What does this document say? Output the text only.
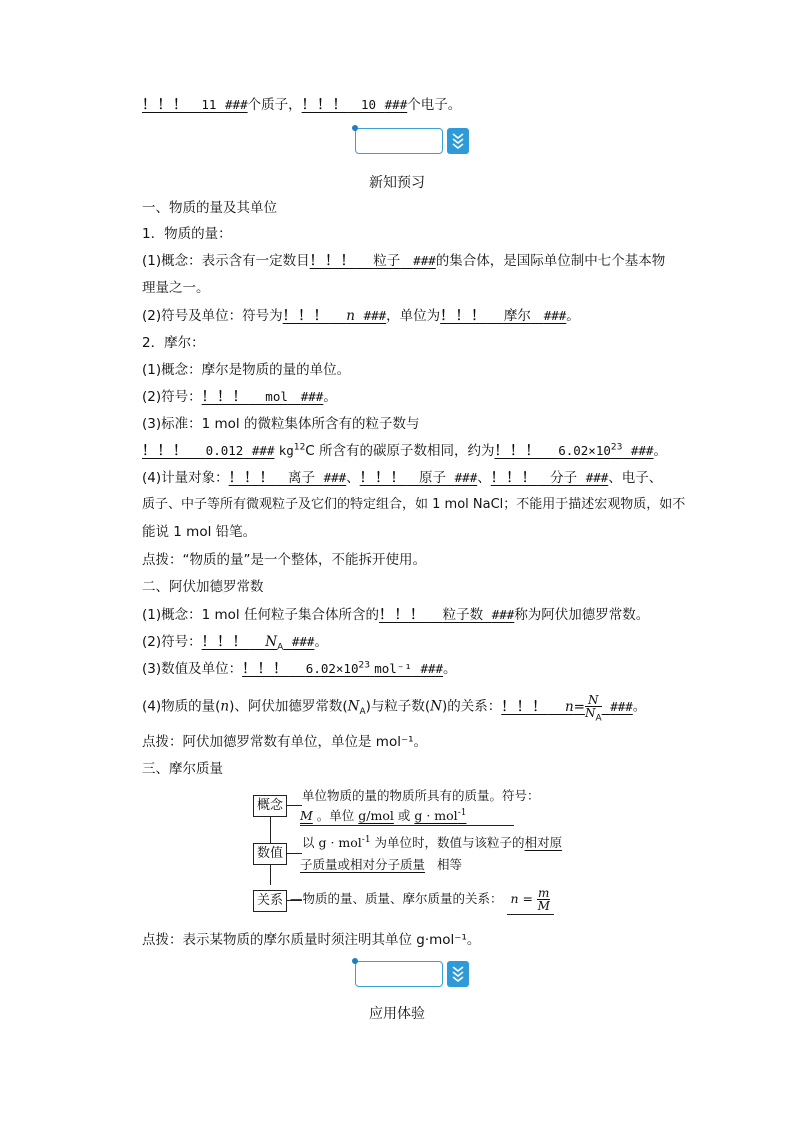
！！！ 11 ###个质子，！！！ 10 ###个电子。
新知预习
一、物质的量及其单位
1．物质的量：
(1)概念：表示含有一定数目！！！ 粒子 ###的集合体，是国际单位制中七个基本物
理量之一。
(2)符号及单位：符号为！！！ n ###，单位为！！！ 摩尔 ###。
2．摩尔：
(1)概念：摩尔是物质的量的单位。
(2)符号：！！！ mol ###。
(3)标准：1 mol 的微粒集体所含有的粒子数与
！！！ 0.012 ### $kg^{12}C$ 所含有的碳原子数相同，约为！！！ $6.02\times 10^{23}$ ###。
(4)计量对象：！！！ 离子 ###、！！！ 原子 ###、！！！ 分子 ###、电子、
质子、中子等所有微观粒子及它们的特定组合，如 1 mol NaCl；不能用于描述宏观物质，如不
能说 1 mol 铅笔。
点拨：“物质的量”是一个整体，不能拆开使用。
二、阿伏加德罗常数
(1)概念：1 mol 任何粒子集合体所含的！！！ 粒子数 ###称为阿伏加德罗常数。
(2)符号：！！！ $N_A$ ###。
(3)数值及单位：！！！ $6.02\times 10^{23}$ mol⁻¹ ###。
(4)物质的量(n)、阿伏加德罗常数$(N_A)$与粒子数(N)的关系：！！！ $n= \frac{N}{N_A}$ ###。
点拨：阿伏加德罗常数有单位，单位是 mol⁻¹。
三、摩尔质量
概念
数值
关系
单位物质的量的物质所具有的质量。符号：
M 。单位 g/mol 或 g · mol$^{-1}$
以 g · mol$^{-1}$ 为单位时，数值与该粒子的相对原
子质量或相对分子质量 相等
—物质的量、质量、摩尔质量的关系： $n = \frac{m}{M}$
点拨：表示某物质的摩尔质量时须注明其单位 g·mol⁻¹。
应用体验
